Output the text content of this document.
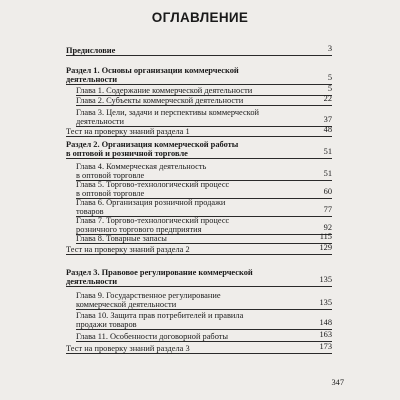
ОГЛАВЛЕНИЕ
Предисловие	3
Раздел 1. Основы организации коммерческой
деятельности	5
Глава 1. Содержание коммерческой деятельности	5
Глава 2. Субъекты коммерческой деятельности	22
Глава 3. Цели, задачи и перспективы коммерческой
деятельности	37
Тест на проверку знаний раздела 1	48
Раздел 2. Организация коммерческой работы
в оптовой и розничной торговле	51
Глава 4. Коммерческая деятельность
в оптовой торговле	51
Глава 5. Торгово-технологический процесс
в оптовой торговле	60
Глава 6. Организация розничной продажи
товаров	77
Глава 7. Торгово-технологический процесс
розничного торгового предприятия	92
Глава 8. Товарные запасы	115
Тест на проверку знаний раздела 2	129
Раздел 3. Правовое регулирование коммерческой
деятельности	135
Глава 9. Государственное регулирование
коммерческой деятельности	135
Глава 10. Защита прав потребителей и правила
продажи товаров	148
Глава 11. Особенности договорной работы	163
Тест на проверку знаний раздела 3	173
347
